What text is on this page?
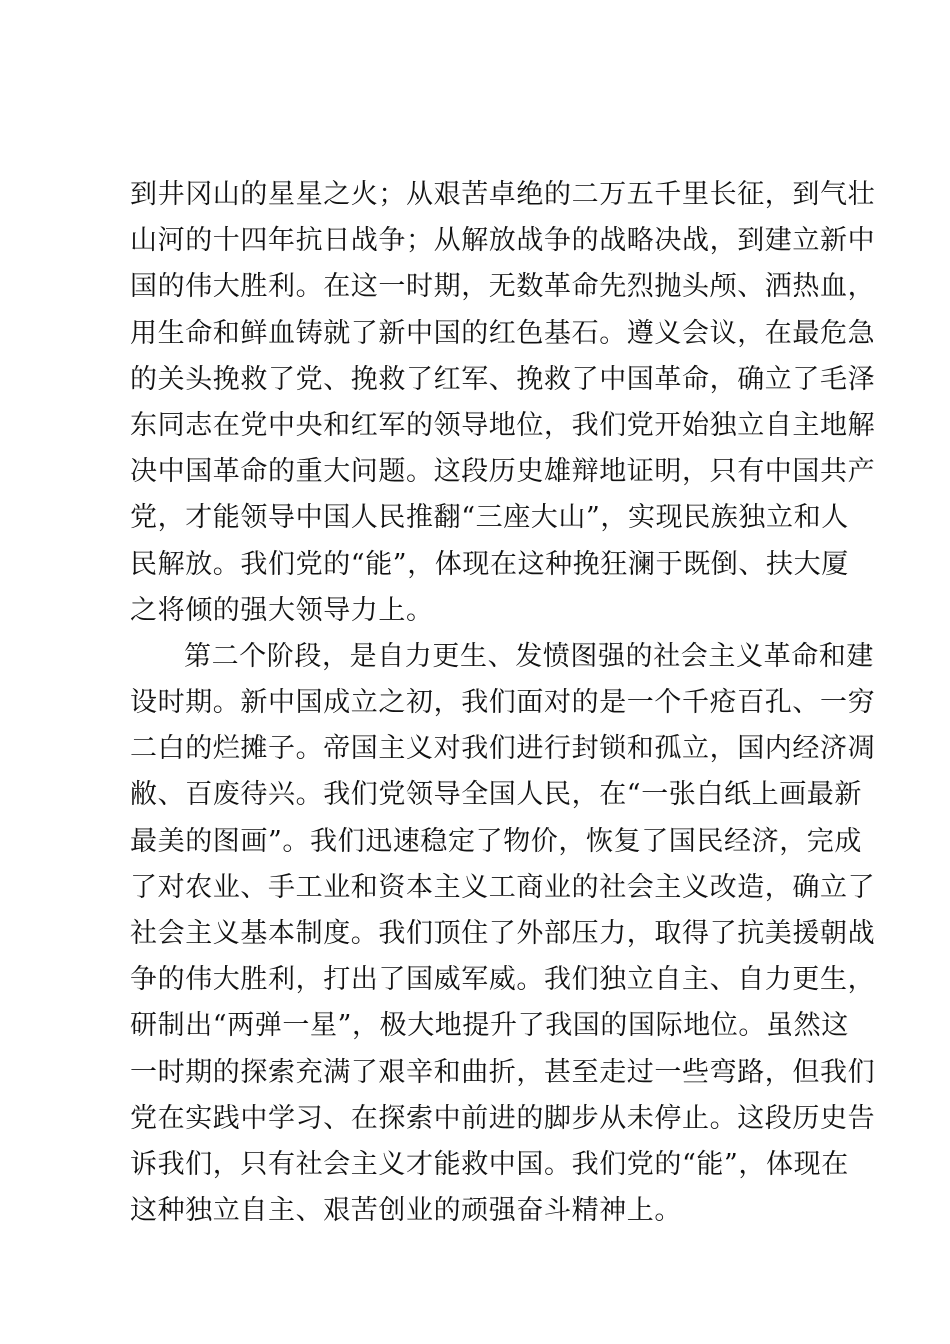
到井冈山的星星之火；从艰苦卓绝的二万五千里长征，到气壮
山河的十四年抗日战争；从解放战争的战略决战，到建立新中
国的伟大胜利。在这一时期，无数革命先烈抛头颅、洒热血，
用生命和鲜血铸就了新中国的红色基石。遵义会议，在最危急
的关头挽救了党、挽救了红军、挽救了中国革命，确立了毛泽
东同志在党中央和红军的领导地位，我们党开始独立自主地解
决中国革命的重大问题。这段历史雄辩地证明，只有中国共产
党，才能领导中国人民推翻“三座大山”，实现民族独立和人
民解放。我们党的“能”，体现在这种挽狂澜于既倒、扶大厦
之将倾的强大领导力上。
第二个阶段，是自力更生、发愤图强的社会主义革命和建
设时期。新中国成立之初，我们面对的是一个千疮百孔、一穷
二白的烂摊子。帝国主义对我们进行封锁和孤立，国内经济凋
敝、百废待兴。我们党领导全国人民，在“一张白纸上画最新
最美的图画”。我们迅速稳定了物价，恢复了国民经济，完成
了对农业、手工业和资本主义工商业的社会主义改造，确立了
社会主义基本制度。我们顶住了外部压力，取得了抗美援朝战
争的伟大胜利，打出了国威军威。我们独立自主、自力更生，
研制出“两弹一星”，极大地提升了我国的国际地位。虽然这
一时期的探索充满了艰辛和曲折，甚至走过一些弯路，但我们
党在实践中学习、在探索中前进的脚步从未停止。这段历史告
诉我们，只有社会主义才能救中国。我们党的“能”，体现在
这种独立自主、艰苦创业的顽强奋斗精神上。
